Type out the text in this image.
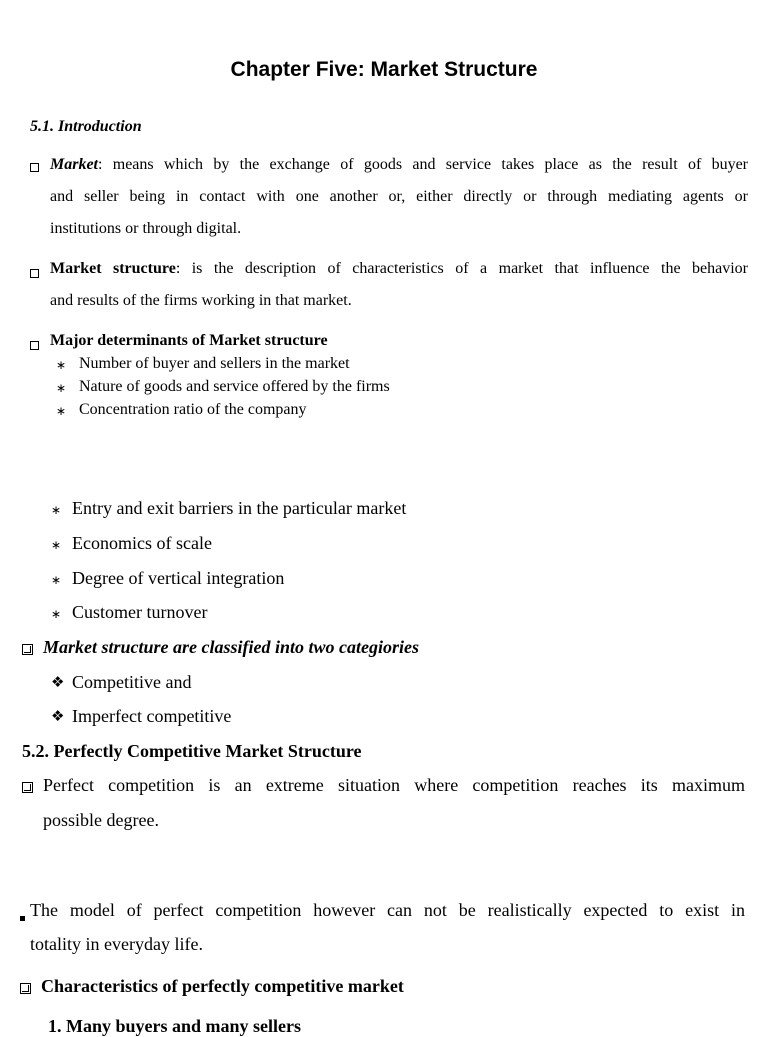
Chapter Five: Market Structure
5.1. Introduction
Market: means which by the exchange of goods and service takes place as the result of buyer
and seller being in contact with one another or, either directly or through mediating agents or
institutions or through digital.
Market structure: is the description of characteristics of a market that influence the behavior
and results of the firms working in that market.
Major determinants of Market structure
∗ Number of buyer and sellers in the market
∗ Nature of goods and service offered by the firms
∗ Concentration ratio of the company
∗ Entry and exit barriers in the particular market
∗ Economics of scale
∗ Degree of vertical integration
∗ Customer turnover
Market structure are classified into two categiories
❖ Competitive and
❖ Imperfect competitive
5.2. Perfectly Competitive Market Structure
Perfect competition is an extreme situation where competition reaches its maximum
possible degree.
The model of perfect competition however can not be realistically expected to exist in
totality in everyday life.
Characteristics of perfectly competitive market
1. Many buyers and many sellers
